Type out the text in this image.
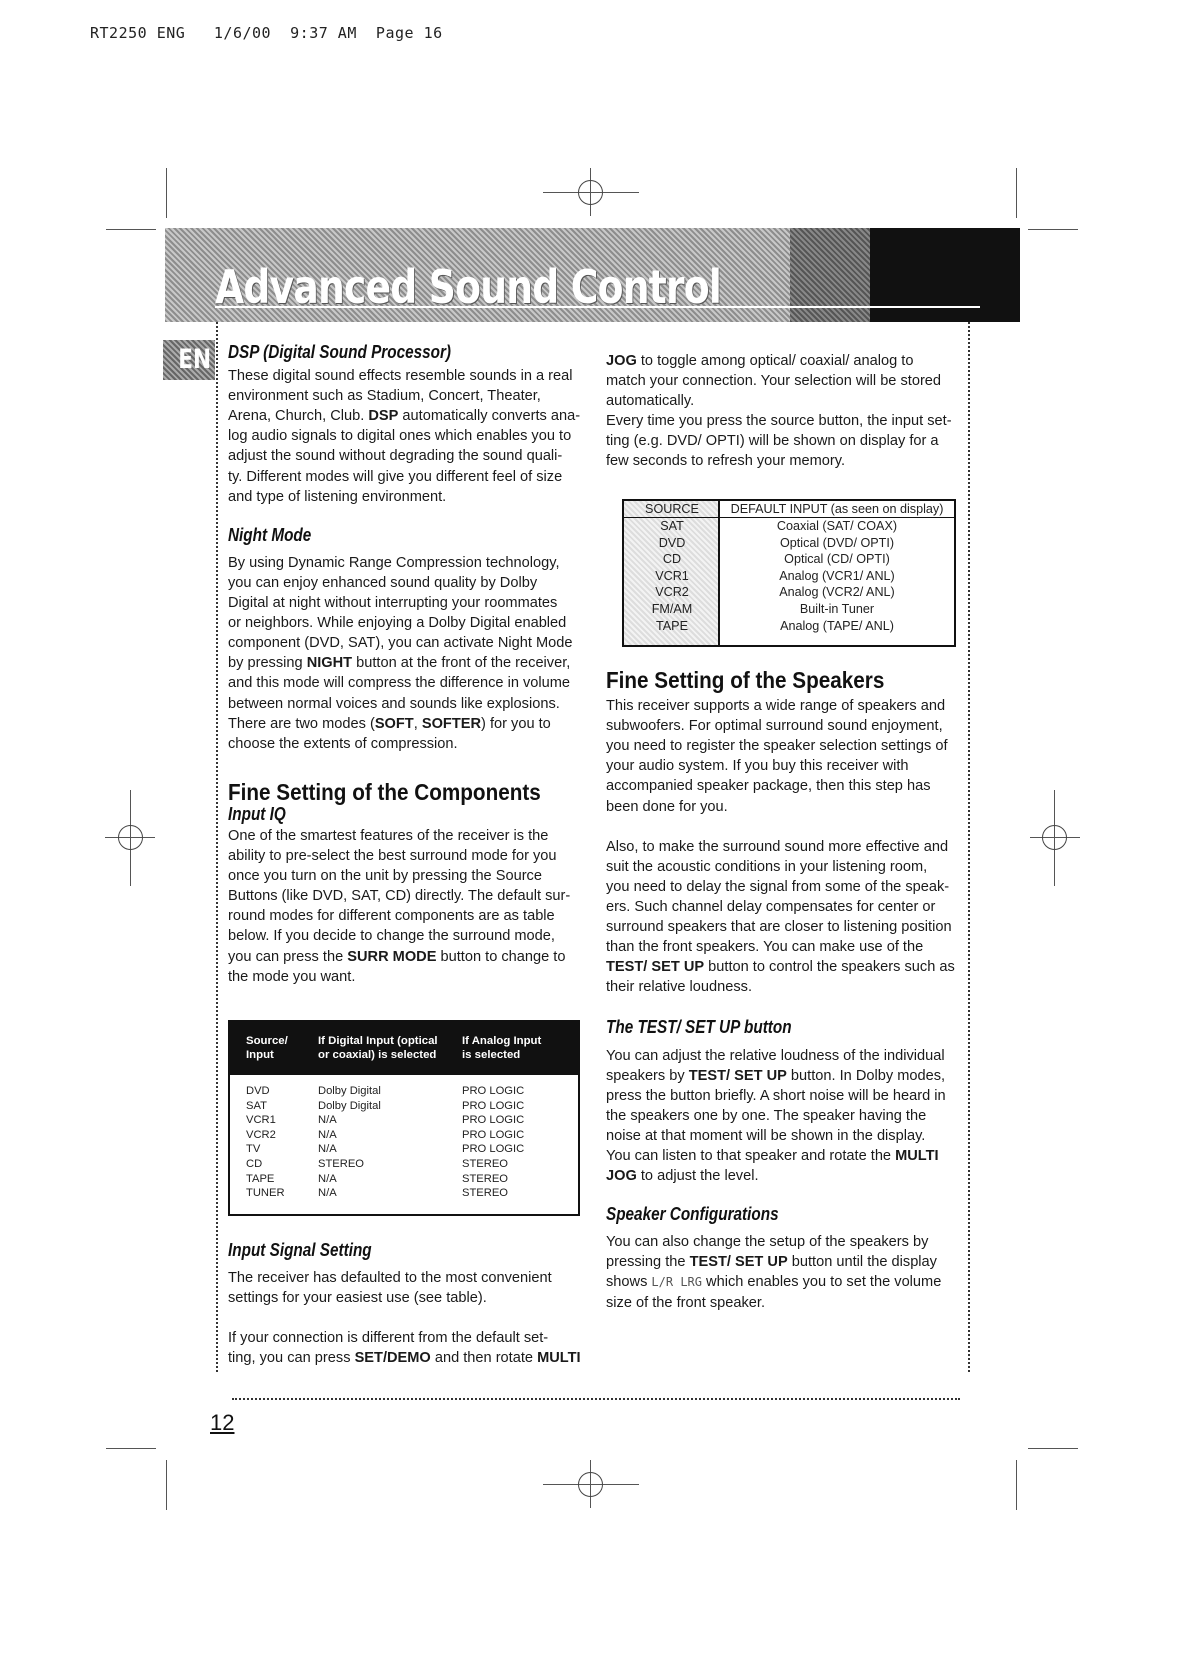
RT2250 ENG   1/6/00  9:37 AM  Page 16
Advanced Sound Control
EN DSP (Digital Sound Processor)

These digital sound effects resemble sounds in a real

environment such as Stadium, Concert, Theater,

Arena, Church, Club. DSP automatically converts ana-

log audio signals to digital ones which enables you to

adjust the sound without degrading the sound quali-

ty. Different modes will give you different feel of size

and type of listening environment.

Night Mode

By using Dynamic Range Compression technology,

you can enjoy enhanced sound quality by Dolby

Digital at night without interrupting your roommates

or neighbors. While enjoying a Dolby Digital enabled

component (DVD, SAT), you can activate Night Mode

by pressing NIGHT button at the front of the receiver,

and this mode will compress the difference in volume

between normal voices and sounds like explosions.

There are two modes (SOFT, SOFTER) for you to

choose the extents of compression.

Fine Setting of the Components
Input IQ

One of the smartest features of the receiver is the

ability to pre-select the best surround mode for you

once you turn on the unit by pressing the Source

Buttons (like DVD, SAT, CD) directly. The default sur-

round modes for different components are as table

below. If you decide to change the surround mode,

you can press the SURR MODE button to change to

the mode you want.

Source/
Input
If Digital Input (optical
or coaxial) is selected
If Analog Input
is selected
DVD	Dolby Digital	PRO LOGIC
SAT	Dolby Digital	PRO LOGIC
VCR1	N/A	PRO LOGIC
VCR2	N/A	PRO LOGIC
TV	N/A	PRO LOGIC
CD	STEREO	STEREO
TAPE	N/A	STEREO
TUNER	N/A	STEREO
Input Signal Setting

The receiver has defaulted to the most convenient

settings for your easiest use (see table).

If your connection is different from the default set-

ting, you can press SET/DEMO and then rotate MULTI

JOG to toggle among optical/ coaxial/ analog to

match your connection. Your selection will be stored

automatically.

Every time you press the source button, the input set-

ting (e.g. DVD/ OPTI) will be shown on display for a

few seconds to refresh your memory.

SOURCE	DEFAULT INPUT (as seen on display)
SAT	Coaxial (SAT/ COAX)
DVD	Optical (DVD/ OPTI)
CD	Optical (CD/ OPTI)
VCR1	Analog (VCR1/ ANL)
VCR2	Analog (VCR2/ ANL)
FM/AM	Built-in Tuner
TAPE	Analog (TAPE/ ANL)
Fine Setting of the Speakers

This receiver supports a wide range of speakers and

subwoofers. For optimal surround sound enjoyment,

you need to register the speaker selection settings of

your audio system. If you buy this receiver with

accompanied speaker package, then this step has

been done for you.

Also, to make the surround sound more effective and

suit the acoustic conditions in your listening room,

you need to delay the signal from some of the speak-

ers. Such channel delay compensates for center or

surround speakers that are closer to listening position

than the front speakers. You can make use of the

TEST/ SET UP button to control the speakers such as

their relative loudness.

The TEST/ SET UP button

You can adjust the relative loudness of the individual

speakers by TEST/ SET UP button. In Dolby modes,

press the button briefly. A short noise will be heard in

the speakers one by one. The speaker having the

noise at that moment will be shown in the display.

You can listen to that speaker and rotate the MULTI

JOG to adjust the level.

Speaker Configurations

You can also change the setup of the speakers by

pressing the TEST/ SET UP button until the display

shows L/R LRG which enables you to set the volume

size of the front speaker.

12
